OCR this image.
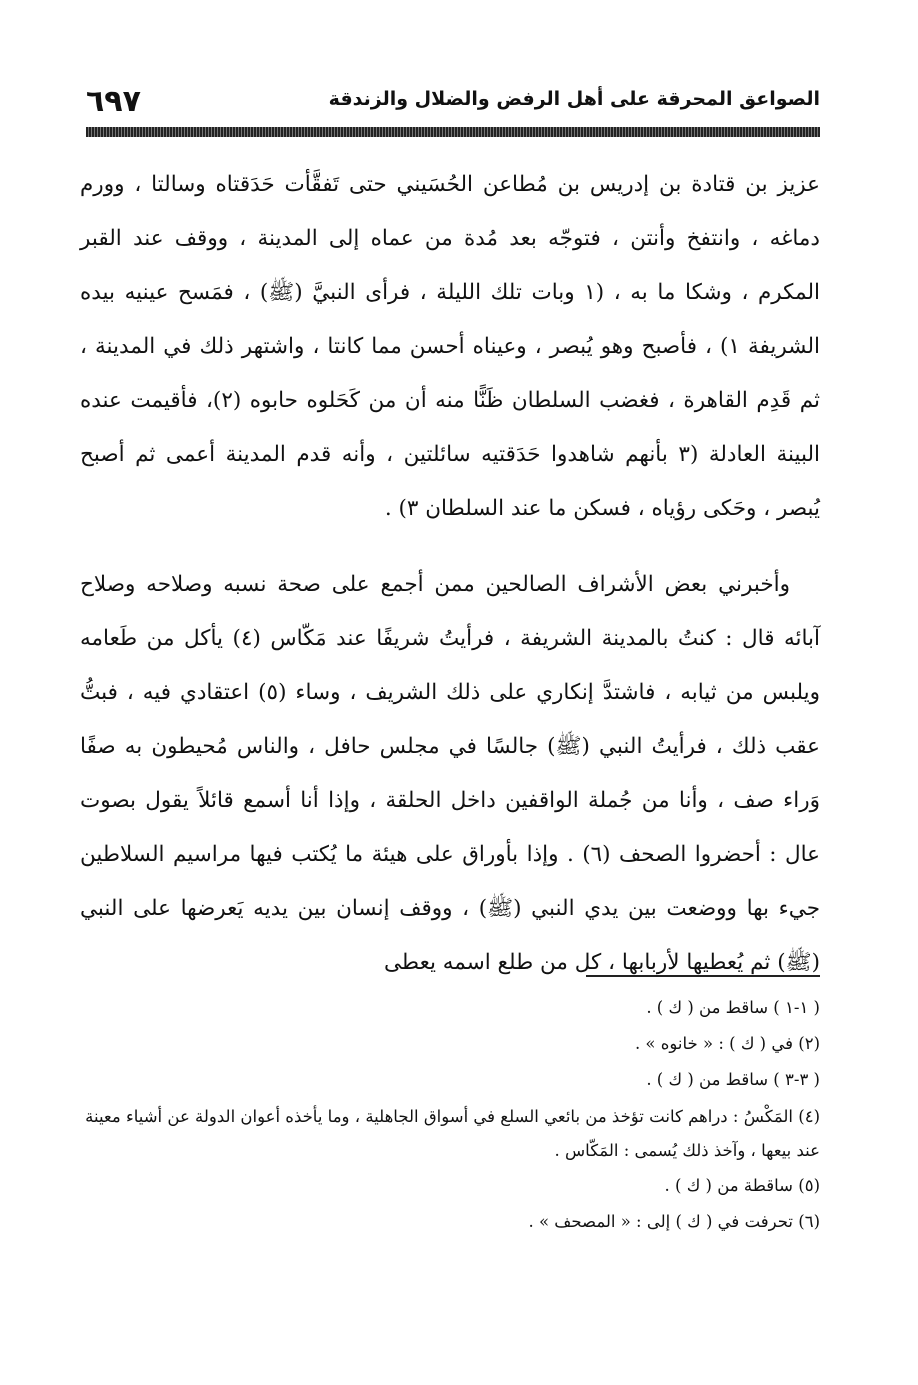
الصواعق المحرقة على أهل الرفض والضلال والزندقة
٦٩٧

عزيز بن قتادة بن إدريس بن مُطاعن الحُسَيني حتى تَفقَّأت حَدَقتاه وسالتا ، وورم دماغه ، وانتفخ وأنتن ، فتوجّه بعد مُدة من عماه إلى المدينة ، ووقف عند القبر المكرم ، وشكا ما به ، (١ وبات تلك الليلة ، فرأى النبيَّ (ﷺ) ، فمَسح عينيه بيده الشريفة ١) ، فأصبح وهو يُبصر ، وعيناه أحسن مما كانتا ، واشتهر ذلك في المدينة ، ثم قَدِم القاهرة ، فغضب السلطان ظَنًّا منه أن من كَحَلوه حابوه (٢)، فأقيمت عنده البينة العادلة (٣ بأنهم شاهدوا حَدَقتيه سائلتين ، وأنه قدم المدينة أعمى ثم أصبح يُبصر ، وحَكى رؤياه ، فسكن ما عند السلطان ٣) .

وأخبرني بعض الأشراف الصالحين ممن أجمع على صحة نسبه وصلاحه وصلاح آبائه قال : كنتُ بالمدينة الشريفة ، فرأيتُ شريفًا عند مَكّاس (٤) يأكل من طَعامه ويلبس من ثيابه ، فاشتدَّ إنكاري على ذلك الشريف ، وساء (٥) اعتقادي فيه ، فبتُّ عقب ذلك ، فرأيتُ النبي (ﷺ) جالسًا في مجلس حافل ، والناس مُحيطون به صفًا وَراء صف ، وأنا من جُملة الواقفين داخل الحلقة ، وإذا أنا أسمع قائلاً يقول بصوت عال : أحضروا الصحف (٦) . وإذا بأوراق على هيئة ما يُكتب فيها مراسيم السلاطين جيء بها ووضعت بين يدي النبي (ﷺ) ، ووقف إنسان بين يديه يَعرضها على النبي (ﷺ) ثم يُعطيها لأربابها ، كل من طلع اسمه يعطى

( ١-١ ) ساقط من ( ك ) .
(٢) في ( ك ) : « خانوه » .
( ٣-٣ ) ساقط من ( ك ) .
(٤) المَكْسُ : دراهم كانت تؤخذ من بائعي السلع في أسواق الجاهلية ، وما يأخذه أعوان الدولة عن أشياء معينة عند بيعها ، وآخذ ذلك يُسمى : المَكّاس .
(٥) ساقطة من ( ك ) .
(٦) تحرفت في ( ك ) إلى : « المصحف » .
